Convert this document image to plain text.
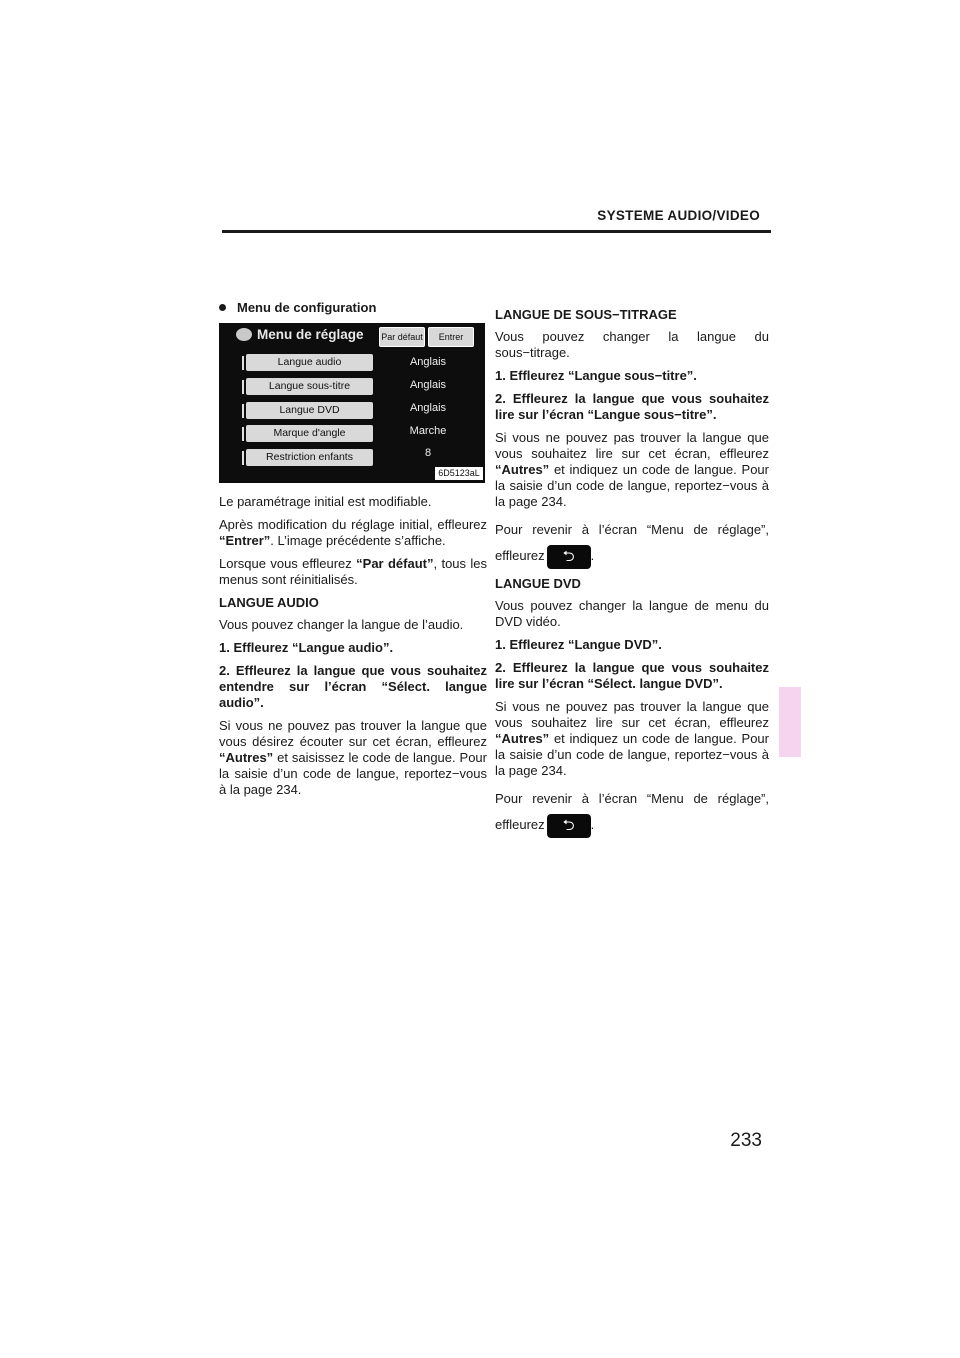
SYSTEME AUDIO/VIDEO

Menu de configuration

Menu de réglage Par défaut	Entrer
Langue audio	Anglais
Langue sous-titre	Anglais
Langue DVD	Anglais
Marque d'angle	Marche
Restriction enfants	8
6D5123aL

Le paramétrage initial est modifiable.

Après modification du réglage initial, effleurez “Entrer”. L’image précédente s’affiche.

Lorsque vous effleurez “Par défaut”, tous les menus sont réinitialisés.

LANGUE AUDIO

Vous pouvez changer la langue de l’audio.

1. Effleurez “Langue audio”.

2. Effleurez la langue que vous souhaitez entendre sur l’écran “Sélect. langue audio”.

Si vous ne pouvez pas trouver la langue que vous désirez écouter sur cet écran, effleurez “Autres” et saisissez le code de langue. Pour la saisie d’un code de langue, reportez−vous à la page 234.

LANGUE DE SOUS−TITRAGE

Vous pouvez changer la langue du sous−titrage.

1. Effleurez “Langue sous−titre”.

2. Effleurez la langue que vous souhaitez lire sur l’écran “Langue sous−titre”.

Si vous ne pouvez pas trouver la langue que vous souhaitez lire sur cet écran, effleurez “Autres” et indiquez un code de langue. Pour la saisie d’un code de langue, reportez−vous à la page 234.

Pour revenir à l’écran “Menu de réglage”, effleurez	⮌	.

LANGUE DVD

Vous pouvez changer la langue de menu du DVD vidéo.

1. Effleurez “Langue DVD”.

2. Effleurez la langue que vous souhaitez lire sur l’écran “Sélect. langue DVD”.

Si vous ne pouvez pas trouver la langue que vous souhaitez lire sur cet écran, effleurez “Autres” et indiquez un code de langue. Pour la saisie d’un code de langue, reportez−vous à la page 234.

Pour revenir à l’écran “Menu de réglage”, effleurez	⮌	.

233
